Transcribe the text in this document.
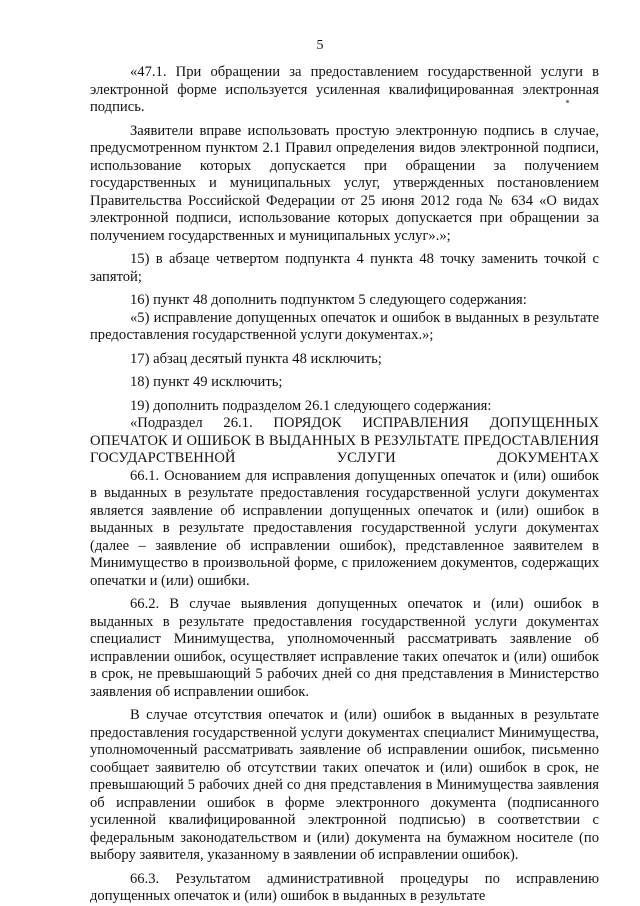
5

«47.1. При обращении за предоставлением государственной услуги в электронной форме используется усиленная квалифицированная электронная подпись.

Заявители вправе использовать простую электронную подпись в случае, предусмотренном пунктом 2.1 Правил определения видов электронной подписи, использование которых допускается при обращении за получением государственных и муниципальных услуг, утвержденных постановлением Правительства Российской Федерации от 25 июня 2012 года № 634 «О видах электронной подписи, использование которых допускается при обращении за получением государственных и муниципальных услуг».»;

15) в абзаце четвертом подпункта 4 пункта 48 точку заменить точкой с запятой;

16) пункт 48 дополнить подпунктом 5 следующего содержания:

«5) исправление допущенных опечаток и ошибок в выданных в результате предоставления государственной услуги документах.»;

17) абзац десятый пункта 48 исключить;

18) пункт 49 исключить;

19) дополнить подразделом 26.1 следующего содержания:

«Подраздел 26.1. ПОРЯДОК ИСПРАВЛЕНИЯ ДОПУЩЕННЫХ ОПЕЧАТОК И ОШИБОК В ВЫДАННЫХ В РЕЗУЛЬТАТЕ ПРЕДОСТАВЛЕНИЯ ГОСУДАРСТВЕННОЙ УСЛУГИ ДОКУМЕНТАХ

66.1. Основанием для исправления допущенных опечаток и (или) ошибок в выданных в результате предоставления государственной услуги документах является заявление об исправлении допущенных опечаток и (или) ошибок в выданных в результате предоставления государственной услуги документах (далее – заявление об исправлении ошибок), представленное заявителем в Минимущество в произвольной форме, с приложением документов, содержащих опечатки и (или) ошибки.

66.2. В случае выявления допущенных опечаток и (или) ошибок в выданных в результате предоставления государственной услуги документах специалист Минимущества, уполномоченный рассматривать заявление об исправлении ошибок, осуществляет исправление таких опечаток и (или) ошибок в срок, не превышающий 5 рабочих дней со дня представления в Министерство заявления об исправлении ошибок.

В случае отсутствия опечаток и (или) ошибок в выданных в результате предоставления государственной услуги документах специалист Минимущества, уполномоченный рассматривать заявление об исправлении ошибок, письменно сообщает заявителю об отсутствии таких опечаток и (или) ошибок в срок, не превышающий 5 рабочих дней со дня представления в Минимущества заявления об исправлении ошибок в форме электронного документа (подписанного усиленной квалифицированной электронной подписью) в соответствии с федеральным законодательством и (или) документа на бумажном носителе (по выбору заявителя, указанному в заявлении об исправлении ошибок).

66.3. Результатом административной процедуры по исправлению допущенных опечаток и (или) ошибок в выданных в результате
